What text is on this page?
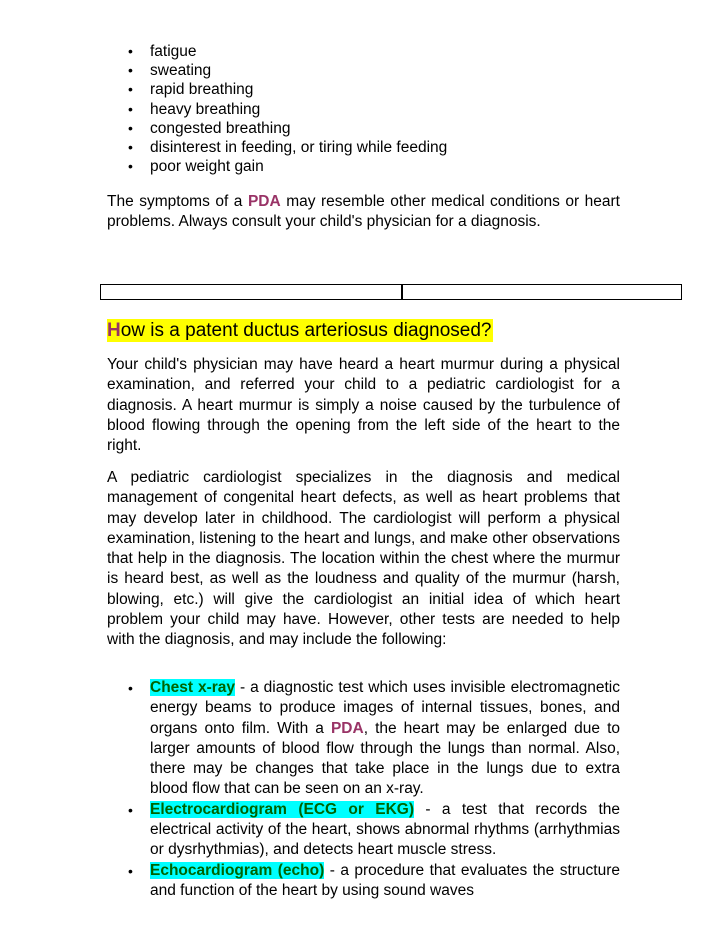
• fatigue
• sweating
• rapid breathing
• heavy breathing
• congested breathing
• disinterest in feeding, or tiring while feeding
• poor weight gain

The symptoms of a PDA may resemble other medical conditions or heart problems. Always consult your child's physician for a diagnosis.

How is a patent ductus arteriosus diagnosed?

Your child's physician may have heard a heart murmur during a physical examination, and referred your child to a pediatric cardiologist for a diagnosis. A heart murmur is simply a noise caused by the turbulence of blood flowing through the opening from the left side of the heart to the right.

A pediatric cardiologist specializes in the diagnosis and medical management of congenital heart defects, as well as heart problems that may develop later in childhood. The cardiologist will perform a physical examination, listening to the heart and lungs, and make other observations that help in the diagnosis. The location within the chest where the murmur is heard best, as well as the loudness and quality of the murmur (harsh, blowing, etc.) will give the cardiologist an initial idea of which heart problem your child may have. However, other tests are needed to help with the diagnosis, and may include the following:

• Chest x-ray - a diagnostic test which uses invisible electromagnetic energy beams to produce images of internal tissues, bones, and organs onto film. With a PDA, the heart may be enlarged due to larger amounts of blood flow through the lungs than normal. Also, there may be changes that take place in the lungs due to extra blood flow that can be seen on an x-ray.
• Electrocardiogram (ECG or EKG) - a test that records the electrical activity of the heart, shows abnormal rhythms (arrhythmias or dysrhythmias), and detects heart muscle stress.
• Echocardiogram (echo) - a procedure that evaluates the structure and function of the heart by using sound waves
